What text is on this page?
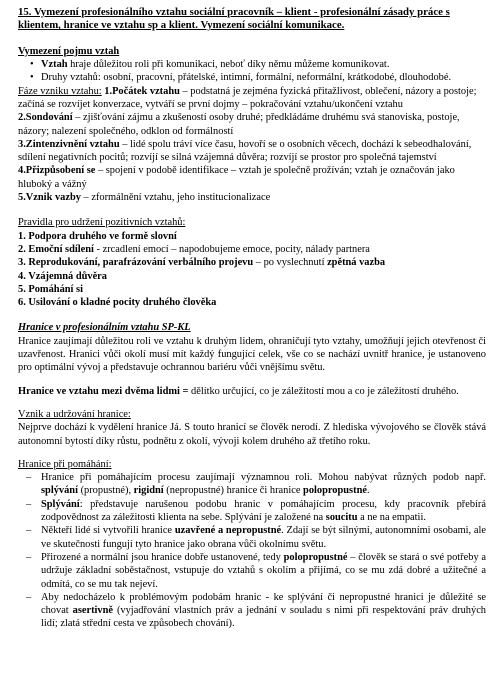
15. Vymezení profesionálního vztahu sociální pracovník – klient - profesionální zásady práce s klientem, hranice ve vztahu sp a klient. Vymezení sociální komunikace.

Vymezení pojmu vztah

• Vztah hraje důležitou roli při komunikaci, neboť díky němu můžeme komunikovat.
• Druhy vztahů: osobní, pracovní, přátelské, intimní, formální, neformální, krátkodobé, dlouhodobé.

Fáze vzniku vztahu: 1.Počátek vztahu – podstatná je zejména fyzická přitažlivost, oblečení, názory a postoje; začíná se rozvíjet konverzace, vytváří se první dojmy – pokračování vztahu/ukončení vztahu

2.Sondování – zjišťování zájmu a zkušeností osoby druhé; předkládáme druhému svá stanoviska, postoje, názory; nalezení společného, odklon od formálností

3.Zintenzivnění vztahu – lidé spolu tráví více času, hovoří se o osobních věcech, dochází k sebeodhalování, sdílení negativních pocitů; rozvíjí se silná vzájemná důvěra; rozvíjí se prostor pro společná tajemství

4.Přizpůsobení se – spojení v podobě identifikace – vztah je společně prožíván; vztah je označován jako hluboký a vážný

5.Vznik vazby – zformálnění vztahu, jeho institucionalizace

Pravidla pro udržení pozitivních vztahů:

1. Podpora druhého ve formě slovní

2. Emoční sdílení - zrcadlení emocí – napodobujeme emoce, pocity, nálady partnera

3. Reprodukování, parafrázování verbálního projevu – po vyslechnutí zpětná vazba

4. Vzájemná důvěra

5. Pomáhání si

6. Usilování o kladné pocity druhého člověka

Hranice v profesionálním vztahu SP-KL

Hranice zaujímají důležitou roli ve vztahu k druhým lidem, ohraničují tyto vztahy, umožňují jejich otevřenost či uzavřenost. Hranici vůči okolí musí mít každý fungující celek, vše co se nachází uvnitř hranice, je ustanoveno pro optimální vývoj a představuje ochrannou bariéru vůči vnějšímu světu.

Hranice ve vztahu mezi dvěma lidmi = dělítko určující, co je záležitostí mou a co je záležitostí druhého.

Vznik a udržování hranice:

Nejprve dochází k vydělení hranice Já. S touto hranicí se člověk nerodí. Z hlediska vývojového se člověk stává autonomní bytostí díky růstu, podnětu z okolí, vývoji kolem druhého až třetího roku.

Hranice při pomáhání:

– Hranice při pomáhajícím procesu zaujímají významnou roli. Mohou nabývat různých podob např. splývání (propustné), rigidní (nepropustné) hranice či hranice polopropustné.
– Splývání: představuje narušenou podobu hranic v pomáhajícím procesu, kdy pracovník přebírá zodpovědnost za záležitosti klienta na sebe. Splývání je založené na soucitu a ne na empatii.
– Někteří lidé si vytvořili hranice uzavřené a nepropustné. Zdají se být silnými, autonomními osobami, ale ve skutečnosti fungují tyto hranice jako obrana vůči okolnímu světu.
– Přirozené a normální jsou hranice dobře ustanovené, tedy polopropustné – člověk se stará o své potřeby a udržuje základní soběstačnost, vstupuje do vztahů s okolím a přijímá, co se mu zdá dobré a užitečné a odmítá, co se mu tak nejeví.
– Aby nedocházelo k problémovým podobám hranic - ke splývání či nepropustné hranici je důležité se chovat asertivně (vyjadřování vlastních práv a jednání v souladu s nimi při respektování práv druhých lidí; zlatá střední cesta ve způsobech chování).
